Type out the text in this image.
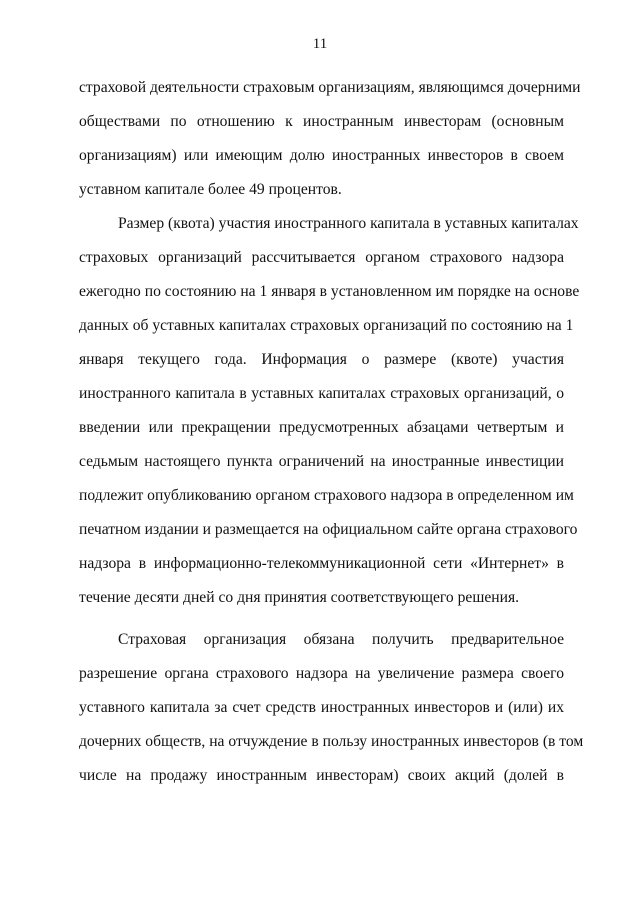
11
страховой деятельности страховым организациям, являющимся дочерними
обществами по отношению к иностранным инвесторам (основным
организациям) или имеющим долю иностранных инвесторов в своем
уставном капитале более 49 процентов.
Размер (квота) участия иностранного капитала в уставных капиталах
страховых организаций рассчитывается органом страхового надзора
ежегодно по состоянию на 1 января в установленном им порядке на основе
данных об уставных капиталах страховых организаций по состоянию на 1
января текущего года. Информация о размере (квоте) участия
иностранного капитала в уставных капиталах страховых организаций, о
введении или прекращении предусмотренных абзацами четвертым и
седьмым настоящего пункта ограничений на иностранные инвестиции
подлежит опубликованию органом страхового надзора в определенном им
печатном издании и размещается на официальном сайте органа страхового
надзора в информационно-телекоммуникационной сети «Интернет» в
течение десяти дней со дня принятия соответствующего решения.
Страховая организация обязана получить предварительное
разрешение органа страхового надзора на увеличение размера своего
уставного капитала за счет средств иностранных инвесторов и (или) их
дочерних обществ, на отчуждение в пользу иностранных инвесторов (в том
числе на продажу иностранным инвесторам) своих акций (долей в
